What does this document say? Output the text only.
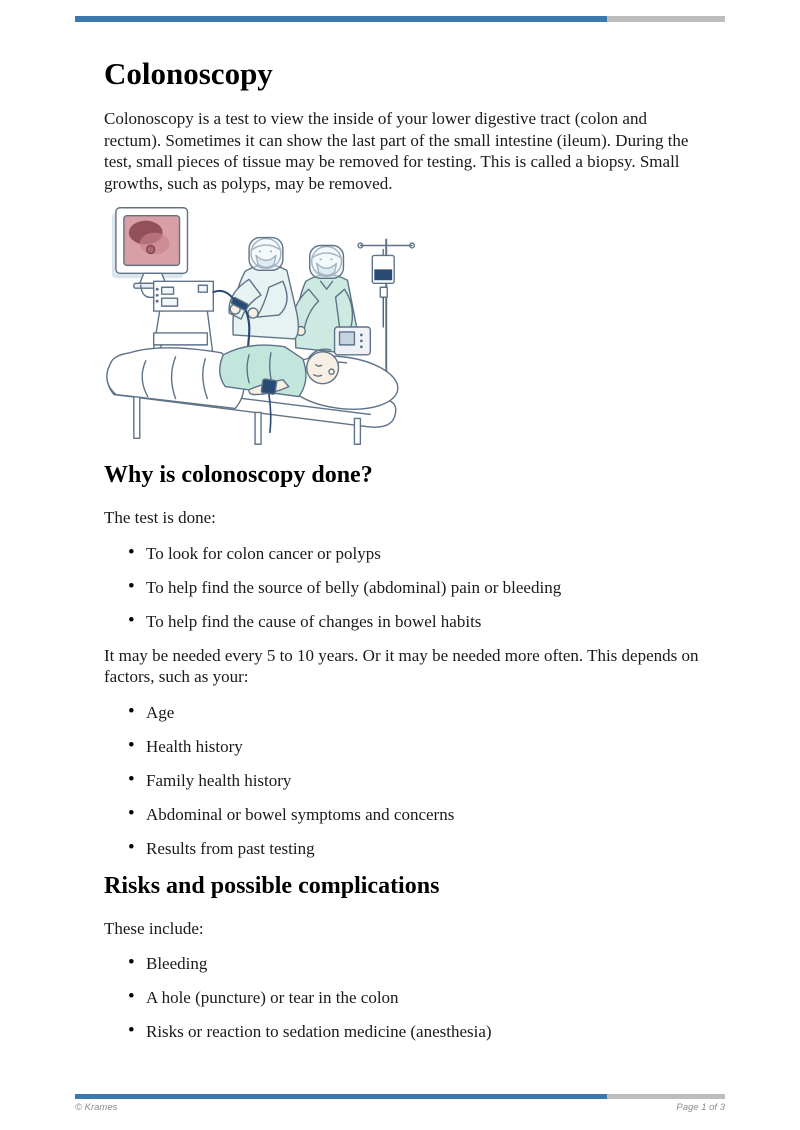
Colonoscopy

Colonoscopy is a test to view the inside of your lower digestive tract (colon and rectum). Sometimes it can show the last part of the small intestine (ileum). During the test, small pieces of tissue may be removed for testing. This is called a biopsy. Small growths, such as polyps, may be removed.

Why is colonoscopy done?

The test is done:

• To look for colon cancer or polyps
• To help find the source of belly (abdominal) pain or bleeding
• To help find the cause of changes in bowel habits

It may be needed every 5 to 10 years. Or it may be needed more often. This depends on factors, such as your:

• Age
• Health history
• Family health history
• Abdominal or bowel symptoms and concerns
• Results from past testing
Risks and possible complications

These include:

• Bleeding
• A hole (puncture) or tear in the colon
• Risks or reaction to sedation medicine (anesthesia)
© Krames	Page 1 of 3
